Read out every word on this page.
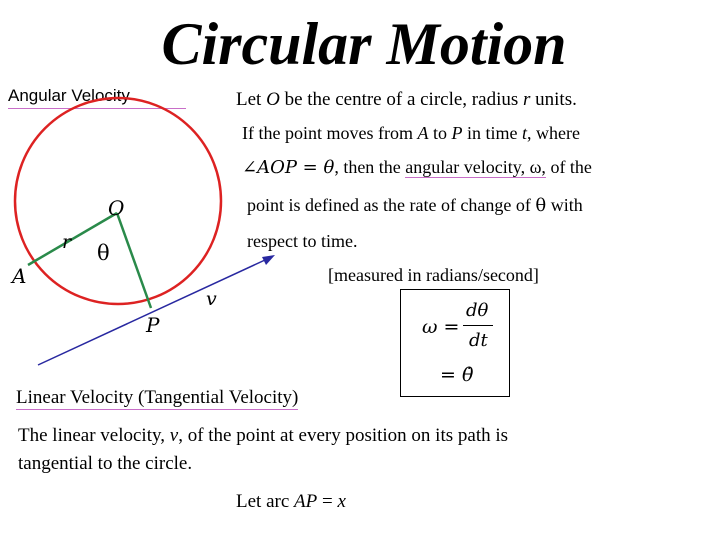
Circular Motion
Angular Velocity
O
r θ
A
P
v
Let O be the centre of a circle, radius r units.
If the point moves from A to P in time t, where
∠AOP = θ, then the angular velocity, ω, of the
point is defined as the rate of change of θ with
respect to time.
[measured in radians/second]
ω =
dθ
dt
= θ̇
Linear Velocity (Tangential Velocity)
The linear velocity, v, of the point at every position on its path is
tangential to the circle.
Let arc AP = x
